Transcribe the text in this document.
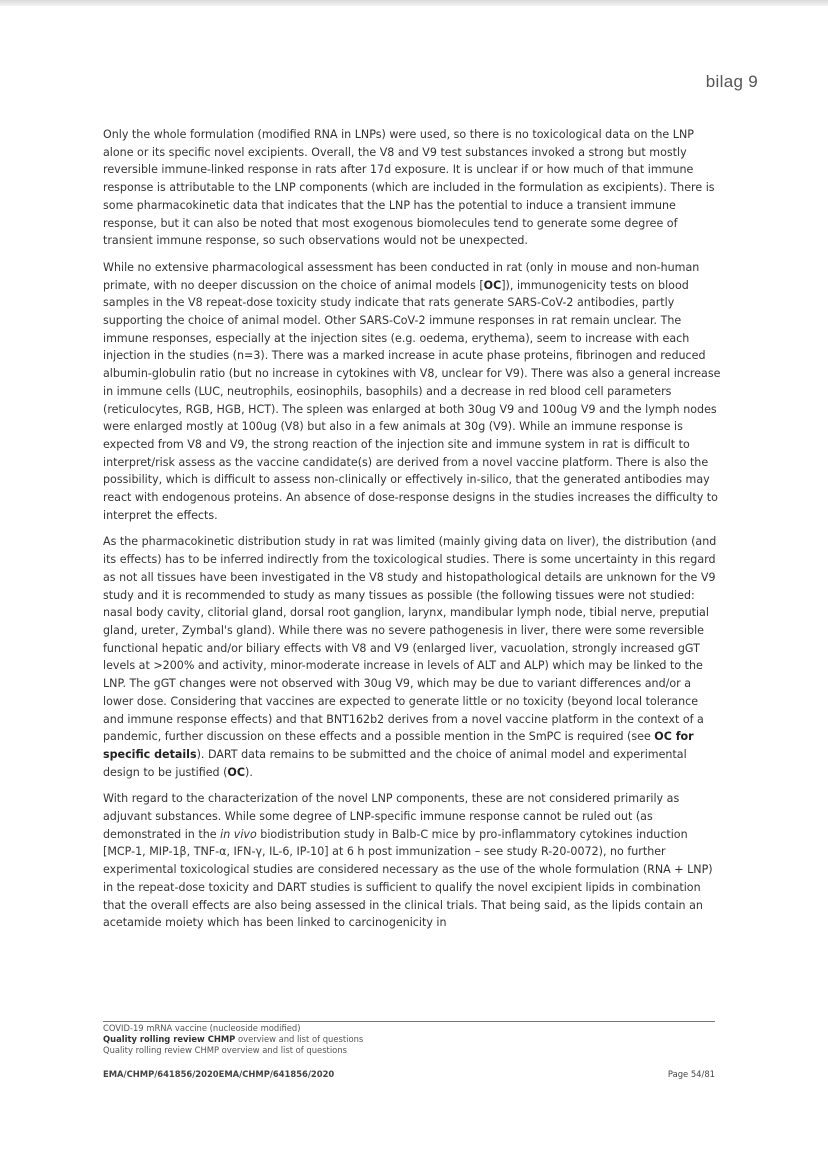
bilag 9

Only the whole formulation (modified RNA in LNPs) were used, so there is no toxicological data on the LNP alone or its specific novel excipients. Overall, the V8 and V9 test substances invoked a strong but mostly reversible immune-linked response in rats after 17d exposure. It is unclear if or how much of that immune response is attributable to the LNP components (which are included in the formulation as excipients). There is some pharmacokinetic data that indicates that the LNP has the potential to induce a transient immune response, but it can also be noted that most exogenous biomolecules tend to generate some degree of transient immune response, so such observations would not be unexpected.

While no extensive pharmacological assessment has been conducted in rat (only in mouse and non-human primate, with no deeper discussion on the choice of animal models [OC]), immunogenicity tests on blood samples in the V8 repeat-dose toxicity study indicate that rats generate SARS-CoV-2 antibodies, partly supporting the choice of animal model. Other SARS-CoV-2 immune responses in rat remain unclear. The immune responses, especially at the injection sites (e.g. oedema, erythema), seem to increase with each injection in the studies (n=3). There was a marked increase in acute phase proteins, fibrinogen and reduced albumin-globulin ratio (but no increase in cytokines with V8, unclear for V9). There was also a general increase in immune cells (LUC, neutrophils, eosinophils, basophils) and a decrease in red blood cell parameters (reticulocytes, RGB, HGB, HCT). The spleen was enlarged at both 30ug V9 and 100ug V9 and the lymph nodes were enlarged mostly at 100ug (V8) but also in a few animals at 30g (V9). While an immune response is expected from V8 and V9, the strong reaction of the injection site and immune system in rat is difficult to interpret/risk assess as the vaccine candidate(s) are derived from a novel vaccine platform. There is also the possibility, which is difficult to assess non-clinically or effectively in-silico, that the generated antibodies may react with endogenous proteins. An absence of dose-response designs in the studies increases the difficulty to interpret the effects.

As the pharmacokinetic distribution study in rat was limited (mainly giving data on liver), the distribution (and its effects) has to be inferred indirectly from the toxicological studies. There is some uncertainty in this regard as not all tissues have been investigated in the V8 study and histopathological details are unknown for the V9 study and it is recommended to study as many tissues as possible (the following tissues were not studied: nasal body cavity, clitorial gland, dorsal root ganglion, larynx, mandibular lymph node, tibial nerve, preputial gland, ureter, Zymbal's gland). While there was no severe pathogenesis in liver, there were some reversible functional hepatic and/or biliary effects with V8 and V9 (enlarged liver, vacuolation, strongly increased gGT levels at >200% and activity, minor-moderate increase in levels of ALT and ALP) which may be linked to the LNP. The gGT changes were not observed with 30ug V9, which may be due to variant differences and/or a lower dose. Considering that vaccines are expected to generate little or no toxicity (beyond local tolerance and immune response effects) and that BNT162b2 derives from a novel vaccine platform in the context of a pandemic, further discussion on these effects and a possible mention in the SmPC is required (see OC for specific details). DART data remains to be submitted and the choice of animal model and experimental design to be justified (OC).

With regard to the characterization of the novel LNP components, these are not considered primarily as adjuvant substances. While some degree of LNP-specific immune response cannot be ruled out (as demonstrated in the in vivo biodistribution study in Balb-C mice by pro-inflammatory cytokines induction [MCP-1, MIP-1β, TNF-α, IFN-γ, IL-6, IP-10] at 6 h post immunization – see study R-20-0072), no further experimental toxicological studies are considered necessary as the use of the whole formulation (RNA + LNP) in the repeat-dose toxicity and DART studies is sufficient to qualify the novel excipient lipids in combination that the overall effects are also being assessed in the clinical trials. That being said, as the lipids contain an acetamide moiety which has been linked to carcinogenicity in

COVID-19 mRNA vaccine (nucleoside modified)
Quality rolling review CHMP overview and list of questions
Quality rolling review CHMP overview and list of questions
EMA/CHMP/641856/2020EMA/CHMP/641856/2020	Page 54/81
